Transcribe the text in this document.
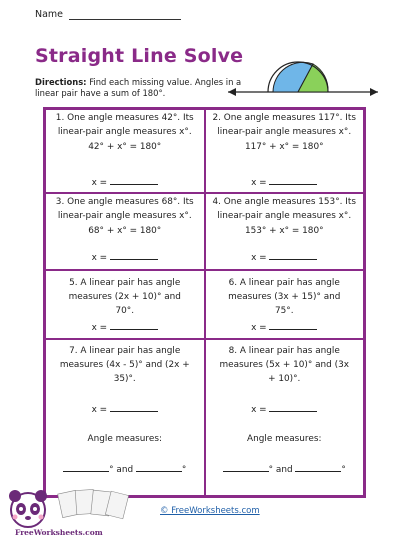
Name
Straight Line Solve
Directions: Find each missing value. Angles in a linear pair have a sum of 180°.
1. One angle measures 42°. Its linear-pair angle measures x°.
42° + x° = 180°
x =
2. One angle measures 117°. Its linear-pair angle measures x°.
117° + x° = 180°
x =
3. One angle measures 68°. Its linear-pair angle measures x°.
68° + x° = 180°
x =
4. One angle measures 153°. Its linear-pair angle measures x°.
153° + x° = 180°
x =
5. A linear pair has angle measures (2x + 10)° and 70°.
x =
6. A linear pair has angle measures (3x + 15)° and 75°.
x =
7. A linear pair has angle measures (4x - 5)° and (2x + 35)°.
x =
Angle measures:
° and	°
8. A linear pair has angle measures (5x + 10)° and (3x + 10)°.
x =
Angle measures:
° and	°
FreeWorksheets.com
© FreeWorksheets.com
